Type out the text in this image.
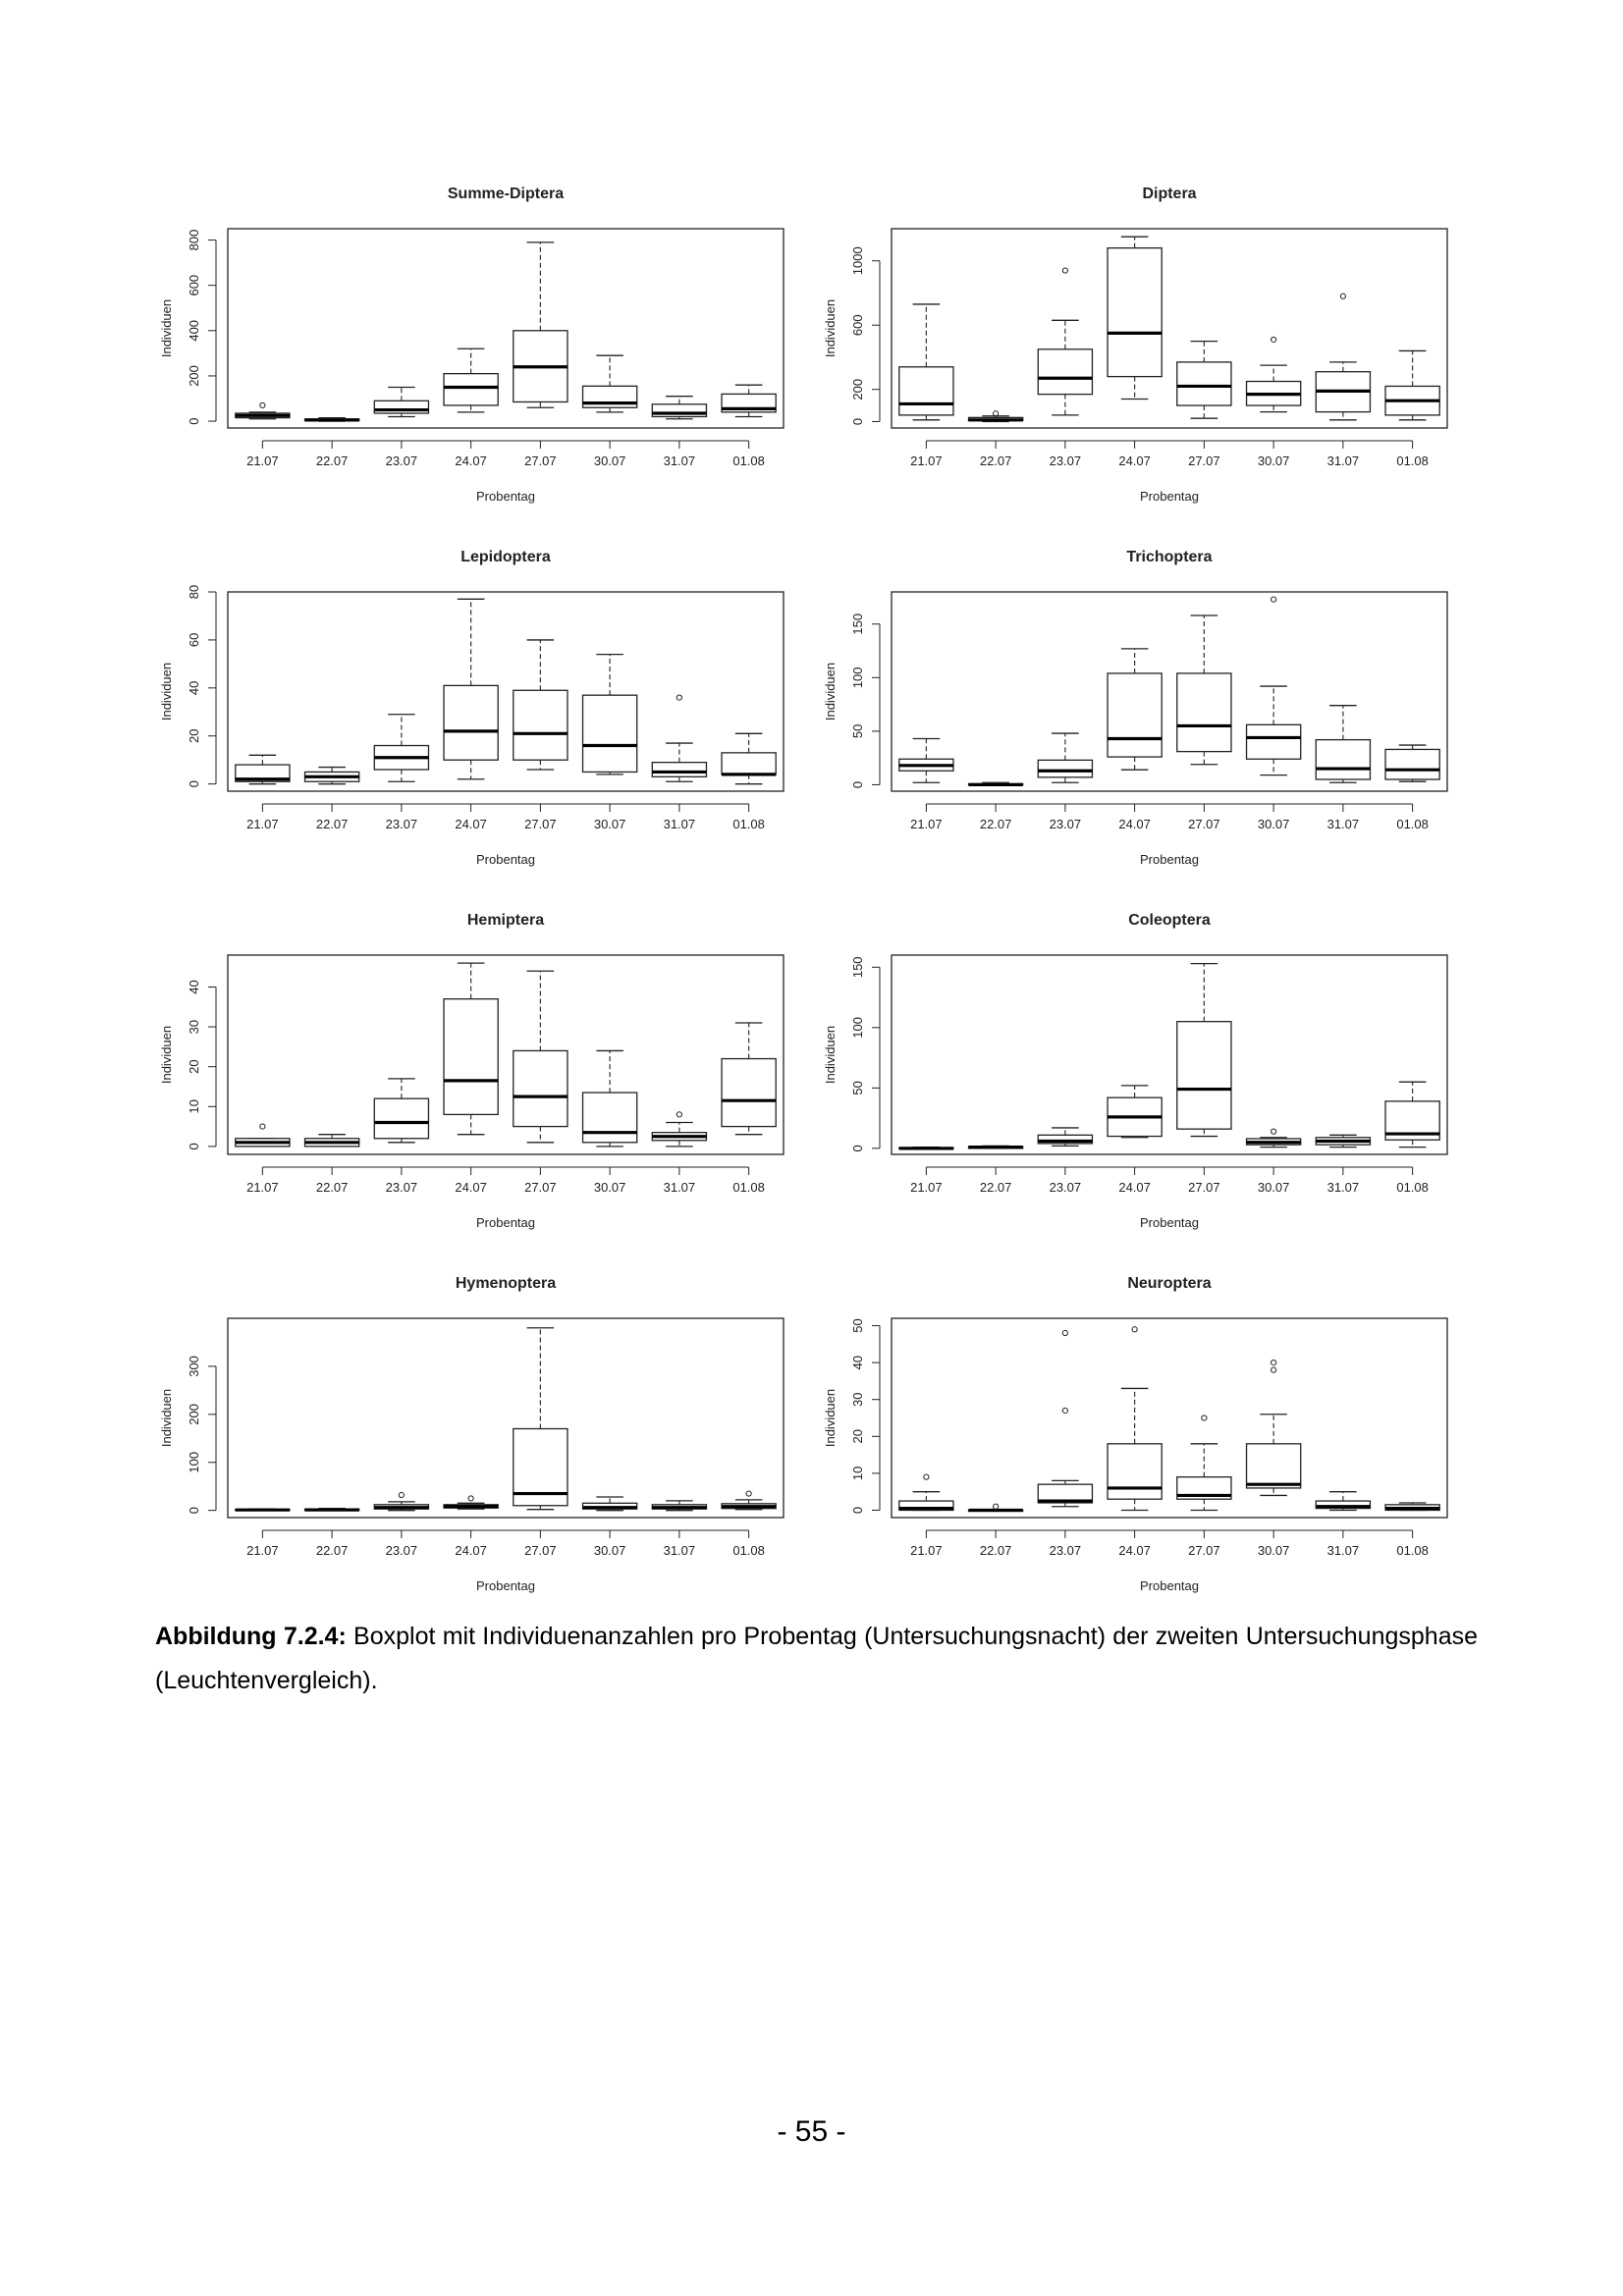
Summe-Diptera
0
200
400
600
800
Individuen
21.07	22.07	23.07	24.07	27.07	30.07	31.07	01.08
Probentag
Diptera
0
200
600
1000
Individuen
21.07	22.07	23.07	24.07	27.07	30.07	31.07	01.08
Probentag
Lepidoptera
0
20
40
60
80
Individuen
21.07	22.07	23.07	24.07	27.07	30.07	31.07	01.08
Probentag
Trichoptera
0
50
100
150
Individuen
21.07	22.07	23.07	24.07	27.07	30.07	31.07	01.08
Probentag
Hemiptera
0
10
20
30
40
Individuen
21.07	22.07	23.07	24.07	27.07	30.07	31.07	01.08
Probentag
Coleoptera
0
50
100
150
Individuen
21.07	22.07	23.07	24.07	27.07	30.07	31.07	01.08
Probentag
Hymenoptera
0
100
200
300
Individuen
21.07	22.07	23.07	24.07	27.07	30.07	31.07	01.08
Probentag
Neuroptera
0
10
20
30
40
50
Individuen
21.07	22.07	23.07	24.07	27.07	30.07	31.07	01.08
Probentag
Abbildung 7.2.4: Boxplot mit Individuenanzahlen pro Probentag (Untersuchungsnacht) der zweiten Untersuchungsphase (Leuchtenvergleich).
- 55 -
